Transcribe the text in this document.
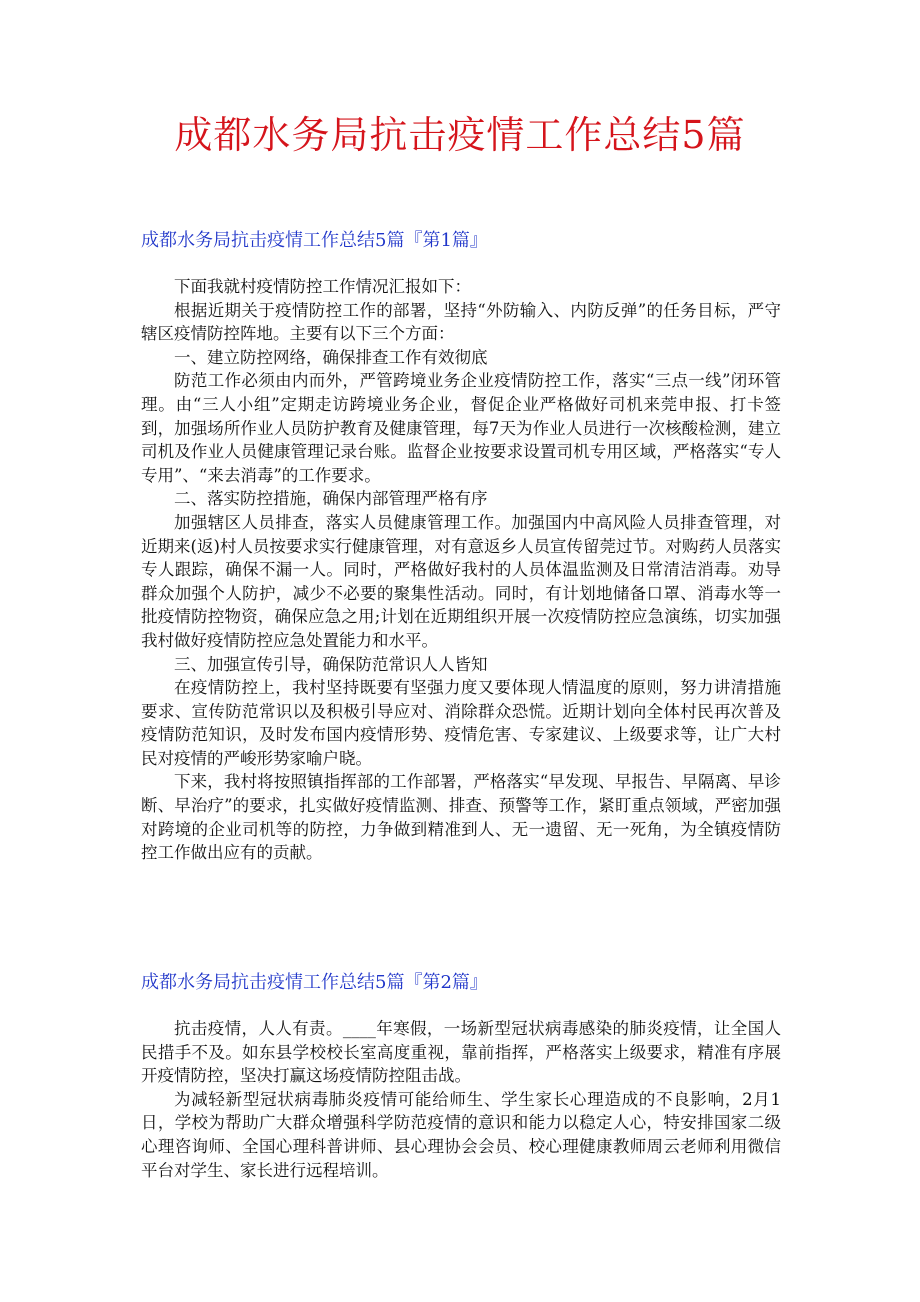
成都水务局抗击疫情工作总结5篇
成都水务局抗击疫情工作总结5篇『第1篇』

下面我就村疫情防控工作情况汇报如下：

根据近期关于疫情防控工作的部署，坚持“外防输入、内防反弹”的任务目标，严守辖区疫情防控阵地。主要有以下三个方面：

一、建立防控网络，确保排查工作有效彻底

防范工作必须由内而外，严管跨境业务企业疫情防控工作，落实“三点一线”闭环管理。由“三人小组”定期走访跨境业务企业，督促企业严格做好司机来莞申报、打卡签到，加强场所作业人员防护教育及健康管理，每7天为作业人员进行一次核酸检测，建立司机及作业人员健康管理记录台账。监督企业按要求设置司机专用区域，严格落实“专人专用”、“来去消毒”的工作要求。

二、落实防控措施，确保内部管理严格有序

加强辖区人员排查，落实人员健康管理工作。加强国内中高风险人员排查管理，对近期来(返)村人员按要求实行健康管理，对有意返乡人员宣传留莞过节。对购药人员落实专人跟踪，确保不漏一人。同时，严格做好我村的人员体温监测及日常清洁消毒。劝导群众加强个人防护，减少不必要的聚集性活动。同时，有计划地储备口罩、消毒水等一批疫情防控物资，确保应急之用;计划在近期组织开展一次疫情防控应急演练，切实加强我村做好疫情防控应急处置能力和水平。

三、加强宣传引导，确保防范常识人人皆知

在疫情防控上，我村坚持既要有坚强力度又要体现人情温度的原则，努力讲清措施要求、宣传防范常识以及积极引导应对、消除群众恐慌。近期计划向全体村民再次普及疫情防范知识，及时发布国内疫情形势、疫情危害、专家建议、上级要求等，让广大村民对疫情的严峻形势家喻户晓。

下来，我村将按照镇指挥部的工作部署，严格落实“早发现、早报告、早隔离、早诊断、早治疗”的要求，扎实做好疫情监测、排查、预警等工作，紧盯重点领域，严密加强对跨境的企业司机等的防控，力争做到精准到人、无一遗留、无一死角，为全镇疫情防控工作做出应有的贡献。

成都水务局抗击疫情工作总结5篇『第2篇』

抗击疫情，人人有责。____年寒假，一场新型冠状病毒感染的肺炎疫情，让全国人民措手不及。如东县学校校长室高度重视，靠前指挥，严格落实上级要求，精准有序展开疫情防控，坚决打赢这场疫情防控阻击战。

为减轻新型冠状病毒肺炎疫情可能给师生、学生家长心理造成的不良影响，2月1日，学校为帮助广大群众增强科学防范疫情的意识和能力以稳定人心，特安排国家二级心理咨询师、全国心理科普讲师、县心理协会会员、校心理健康教师周云老师利用微信平台对学生、家长进行远程培训。
